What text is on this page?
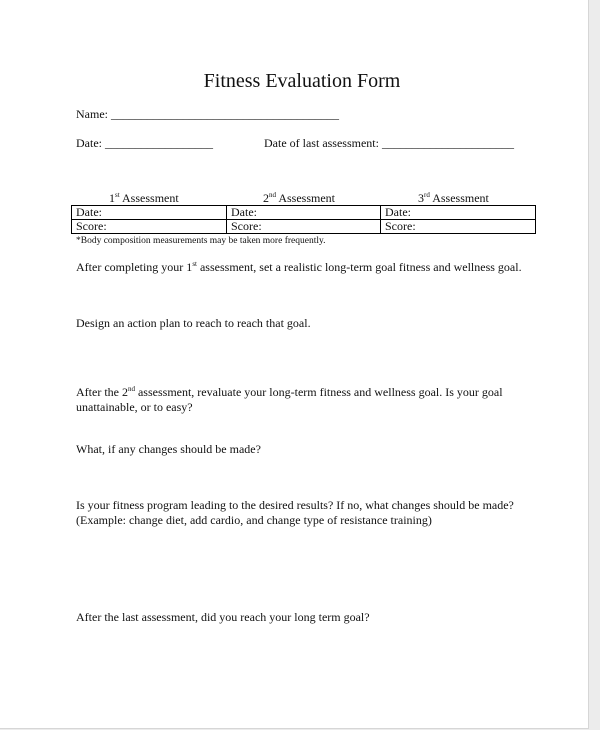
Fitness Evaluation Form
Name: ______________________________________
Date: __________________	Date of last assessment: ______________________
1st Assessment	2nd Assessment	3rd Assessment
Date:	Date:	Date:
Score:	Score:	Score:
*Body composition measurements may be taken more frequently.
After completing your 1st assessment, set a realistic long-term goal fitness and wellness goal.
Design an action plan to reach to reach that goal.
After the 2nd assessment, revaluate your long-term fitness and wellness goal. Is your goal unattainable, or to easy?
What, if any changes should be made?
Is your fitness program leading to the desired results? If no, what changes should be made? (Example: change diet, add cardio, and change type of resistance training)
After the last assessment, did you reach your long term goal?
